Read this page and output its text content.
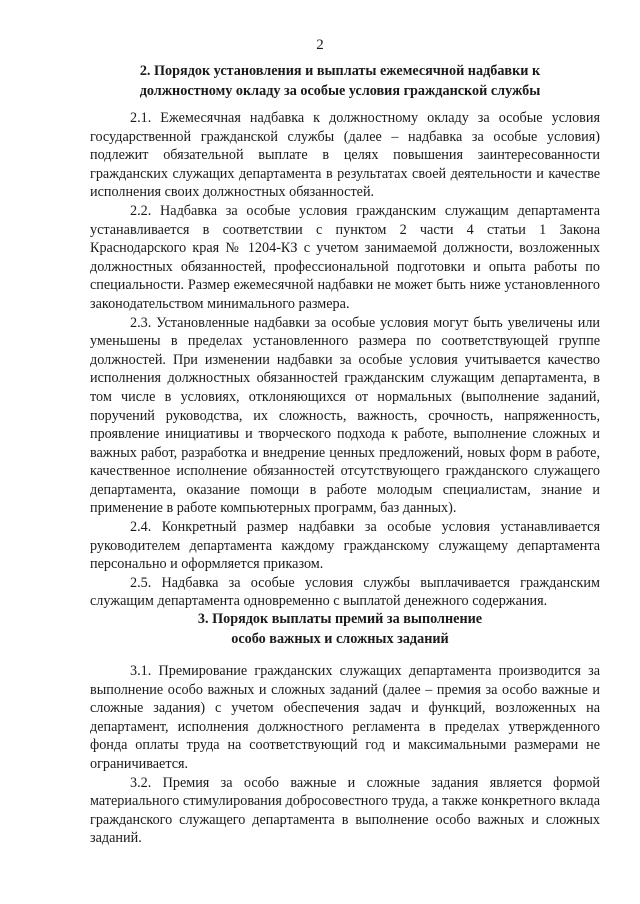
2
2. Порядок установления и выплаты ежемесячной надбавки к
должностному окладу за особые условия гражданской службы

2.1. Ежемесячная надбавка к должностному окладу за особые условия государственной гражданской службы (далее – надбавка за особые условия) подлежит обязательной выплате в целях повышения заинтересованности гражданских служащих департамента в результатах своей деятельности и качестве исполнения своих должностных обязанностей.

2.2. Надбавка за особые условия гражданским служащим департамента устанавливается в соответствии с пунктом 2 части 4 статьи 1 Закона Краснодарского края № 1204-КЗ с учетом занимаемой должности, возложенных должностных обязанностей, профессиональной подготовки и опыта работы по специальности. Размер ежемесячной надбавки не может быть ниже установленного законодательством минимального размера.

2.3. Установленные надбавки за особые условия могут быть увеличены или уменьшены в пределах установленного размера по соответствующей группе должностей. При изменении надбавки за особые условия учитывается качество исполнения должностных обязанностей гражданским служащим департамента, в том числе в условиях, отклоняющихся от нормальных (выполнение заданий, поручений руководства, их сложность, важность, срочность, напряженность, проявление инициативы и творческого подхода к работе, выполнение сложных и важных работ, разработка и внедрение ценных предложений, новых форм в работе, качественное исполнение обязанностей отсутствующего гражданского служащего департамента, оказание помощи в работе молодым специалистам, знание и применение в работе компьютерных программ, баз данных).

2.4. Конкретный размер надбавки за особые условия устанавливается руководителем департамента каждому гражданскому служащему департамента персонально и оформляется приказом.

2.5. Надбавка за особые условия службы выплачивается гражданским служащим департамента одновременно с выплатой денежного содержания.

3. Порядок выплаты премий за выполнение
особо важных и сложных заданий

3.1. Премирование гражданских служащих департамента производится за выполнение особо важных и сложных заданий (далее – премия за особо важные и сложные задания) с учетом обеспечения задач и функций, возложенных на департамент, исполнения должностного регламента в пределах утвержденного фонда оплаты труда на соответствующий год и максимальными размерами не ограничивается.

3.2. Премия за особо важные и сложные задания является формой материального стимулирования добросовестного труда, а также конкретного вклада гражданского служащего департамента в выполнение особо важных и сложных заданий.
